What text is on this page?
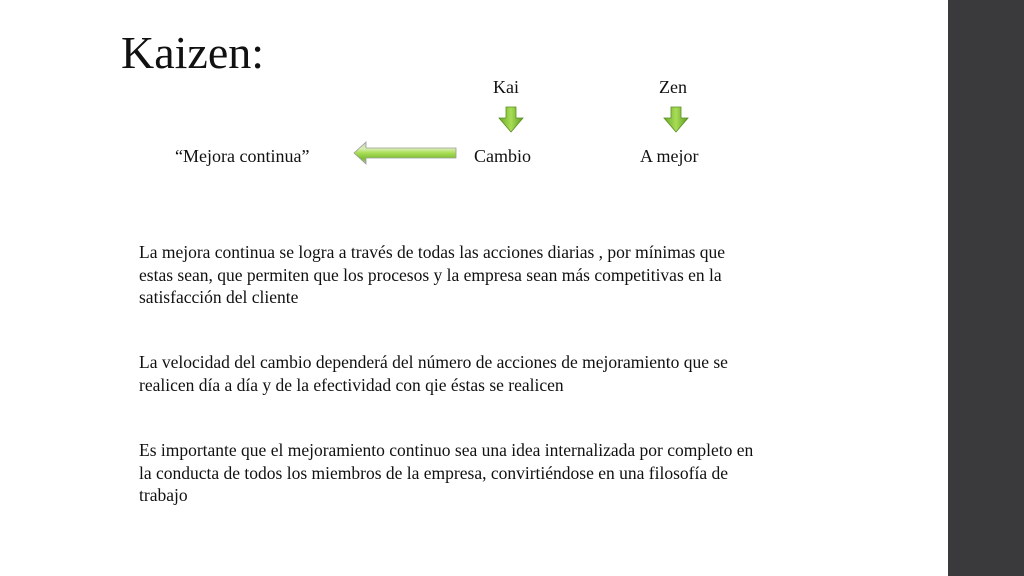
Kaizen:
Kai	Zen
“Mejora continua”	Cambio	A mejor

La mejora continua se logra a través de todas las acciones diarias , por mínimas que
estas sean, que permiten que los procesos y la empresa sean más competitivas en la
satisfacción del cliente

La velocidad del cambio dependerá del número de acciones de mejoramiento que se
realicen día a día y de la efectividad con qie éstas se realicen

Es importante que el mejoramiento continuo sea una idea internalizada por completo en
la conducta de todos los miembros de la empresa, convirtiéndose en una filosofía de
trabajo
